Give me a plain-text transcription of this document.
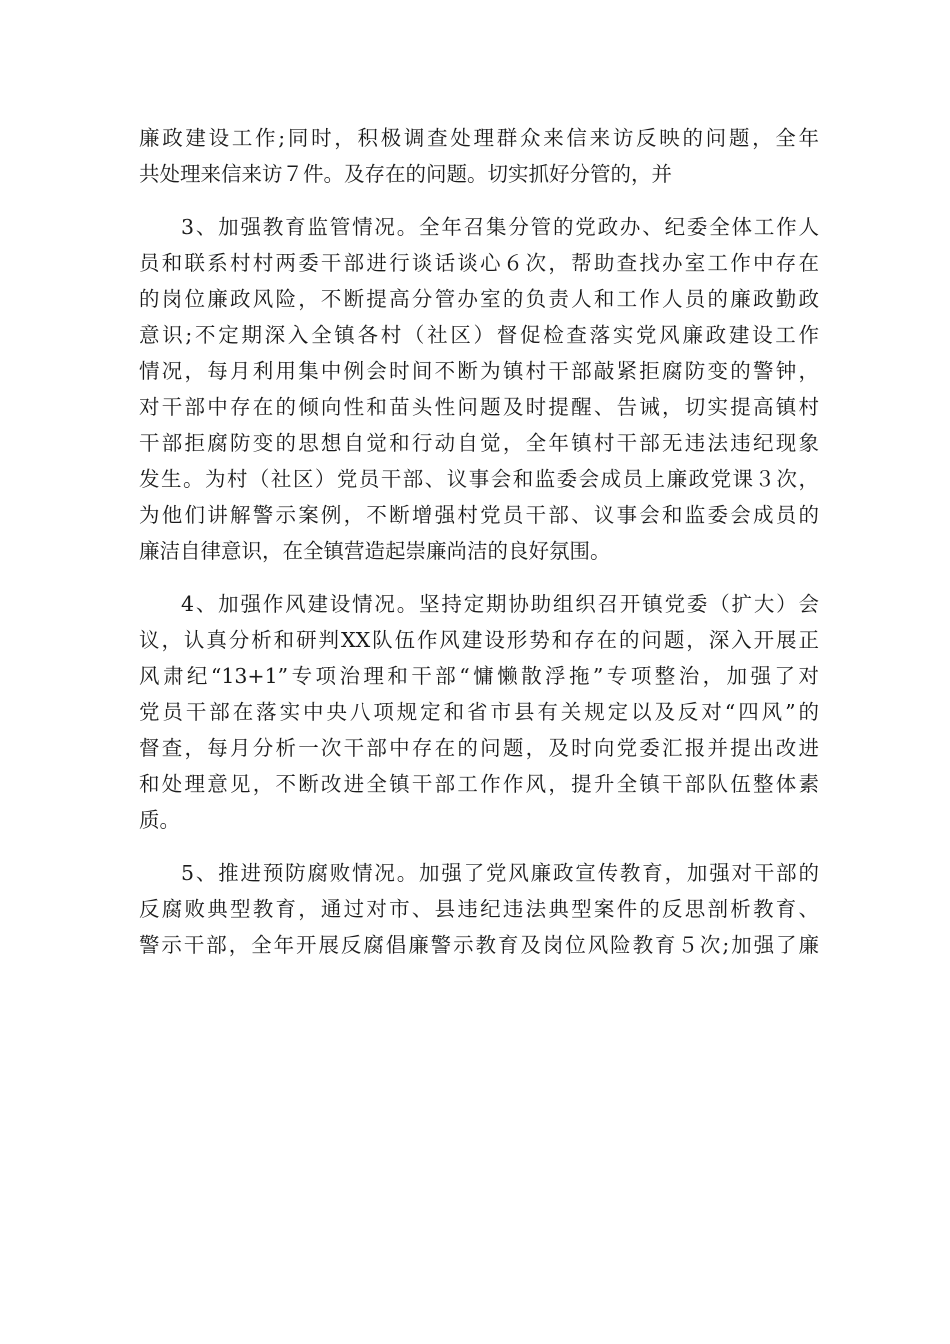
廉政建设工作;同时，积极调查处理群众来信来访反映的问题，全年
共处理来信来访７件。及存在的问题。切实抓好分管的，并
3、加强教育监管情况。全年召集分管的党政办、纪委全体工作人
员和联系村村两委干部进行谈话谈心６次，帮助查找办室工作中存在
的岗位廉政风险，不断提高分管办室的负责人和工作人员的廉政勤政
意识;不定期深入全镇各村（社区）督促检查落实党风廉政建设工作
情况，每月利用集中例会时间不断为镇村干部敲紧拒腐防变的警钟，
对干部中存在的倾向性和苗头性问题及时提醒、告诫，切实提高镇村
干部拒腐防变的思想自觉和行动自觉，全年镇村干部无违法违纪现象
发生。为村（社区）党员干部、议事会和监委会成员上廉政党课３次，
为他们讲解警示案例，不断增强村党员干部、议事会和监委会成员的
廉洁自律意识，在全镇营造起崇廉尚洁的良好氛围。
4、加强作风建设情况。坚持定期协助组织召开镇党委（扩大）会
议，认真分析和研判XX队伍作风建设形势和存在的问题，深入开展正
风肃纪“13+1”专项治理和干部“慵懒散浮拖”专项整治，加强了对
党员干部在落实中央八项规定和省市县有关规定以及反对“四风”的
督查，每月分析一次干部中存在的问题，及时向党委汇报并提出改进
和处理意见，不断改进全镇干部工作作风，提升全镇干部队伍整体素
质。
5、推进预防腐败情况。加强了党风廉政宣传教育，加强对干部的
反腐败典型教育，通过对市、县违纪违法典型案件的反思剖析教育、
警示干部，全年开展反腐倡廉警示教育及岗位风险教育５次;加强了廉
